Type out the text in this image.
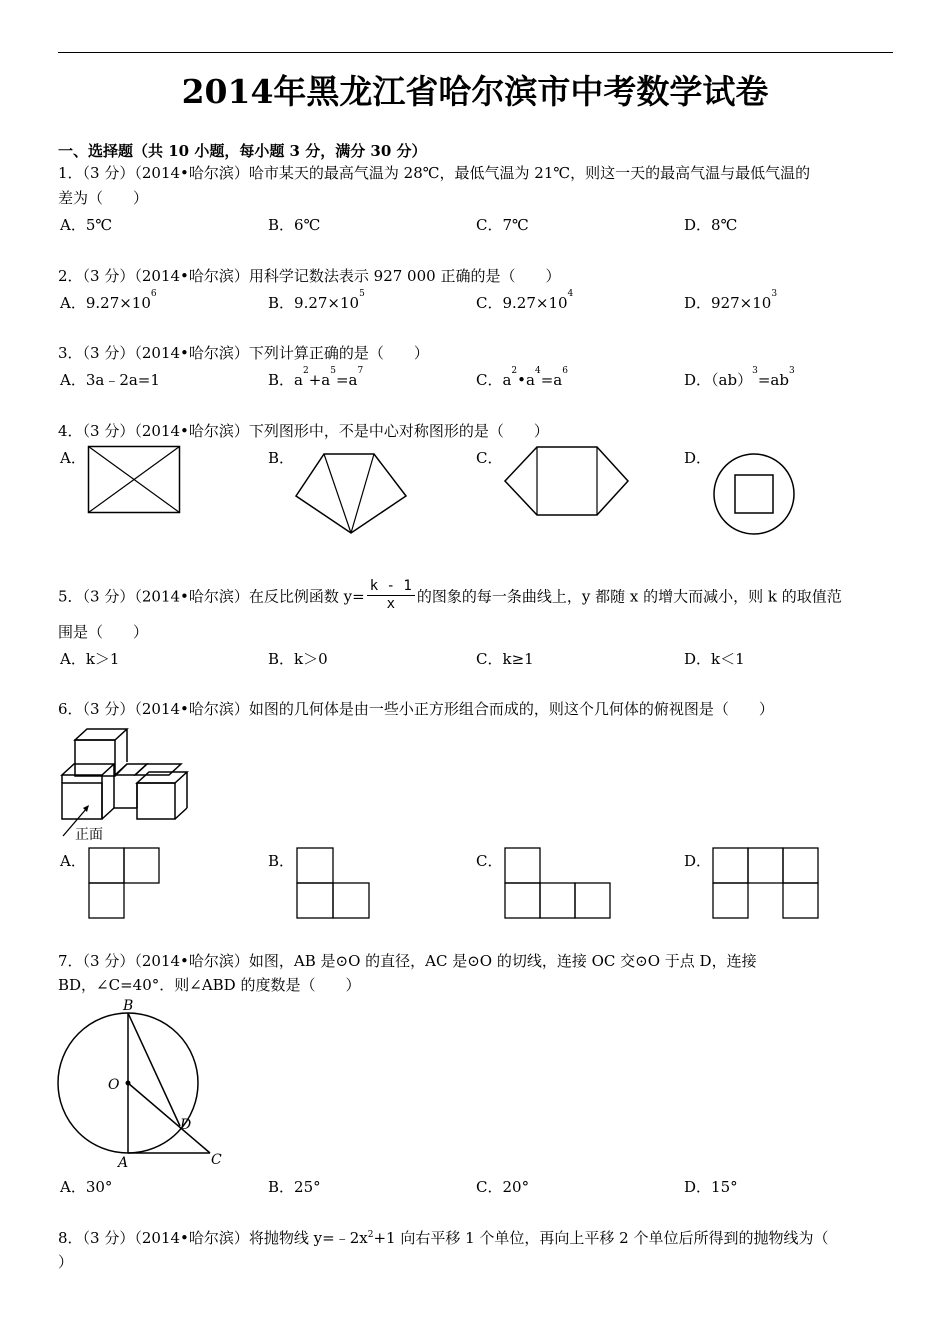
2014年黑龙江省哈尔滨市中考数学试卷
一、选择题（共 10 小题，每小题 3 分，满分 30 分）
1．（3 分）（2014•哈尔滨）哈市某天的最高气温为 28℃，最低气温为 21℃，则这一天的最高气温与最低气温的
差为（　　）
A．5℃	B．6℃	C．7℃	D．8℃
2．（3 分）（2014•哈尔滨）用科学记数法表示 927 000 正确的是（　　）
A．$9.27\times 10^6$	B．$9.27\times 10^5$	C．$9.27\times 10^4$	D．$927\times 10^3$
3．（3 分）（2014•哈尔滨）下列计算正确的是（　　）
A．3a﹣2a=1	B．$a^2+a^5=a^7$	C．$a^2•a^4=a^6$	D．$(ab)^3=ab^3$
4．（3 分）（2014•哈尔滨）下列图形中，不是中心对称图形的是（　　）
A．	B．	C．	D．
5．（3 分）（2014•哈尔滨）在反比例函数 $y= \frac{k - 1}{x}$ 的图象的每一条曲线上，y 都随 x 的增大而减小，则 k 的取值范
围是（　　）
A．k＞1	B．k＞0	C．k≥1	D．k＜1
6．（3 分）（2014•哈尔滨）如图的几何体是由一些小正方形组合而成的，则这个几何体的俯视图是（　　）
正面
A．	B．	C．	D．
7．（3 分）（2014•哈尔滨）如图，AB 是⊙O 的直径，AC 是⊙O 的切线，连接 OC 交⊙O 于点 D，连接
BD，∠C=40°．则∠ABD 的度数是（　　）
B
O
D
A	C
A．30°	B．25°	C．20°	D．15°
8．（3 分）（2014•哈尔滨）将抛物线 $y=﹣2x^2+1$ 向右平移 1 个单位，再向上平移 2 个单位后所得到的抛物线为（
）
